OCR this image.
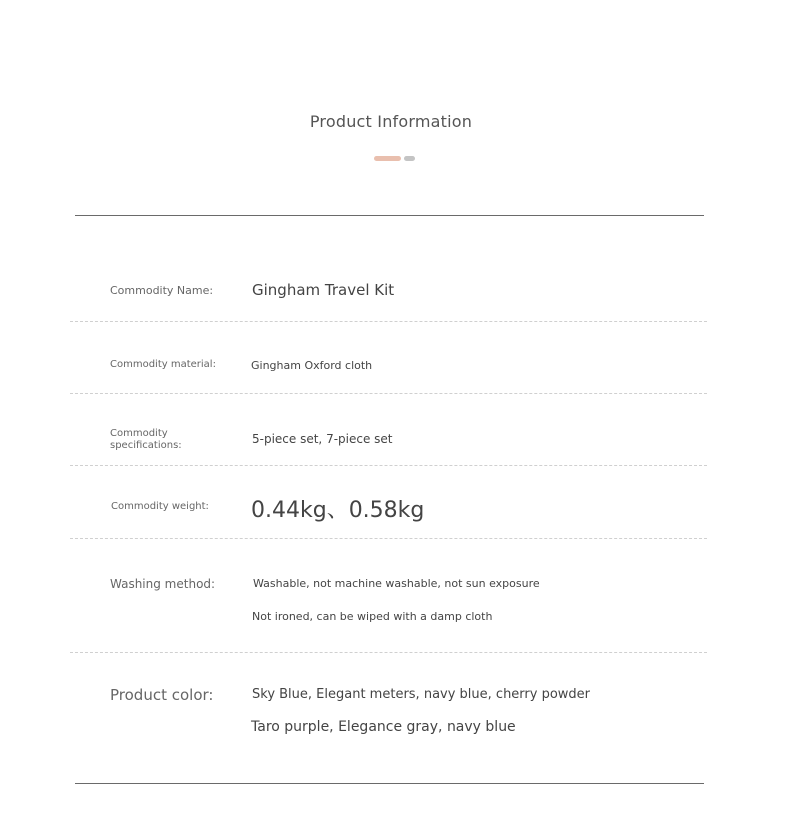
Product Information
Commodity Name:	Gingham Travel Kit
Commodity material:	Gingham Oxford cloth
Commodity
specifications:	5-piece set, 7-piece set
Commodity weight: 0.44kg、0.58kg
Washing method:	Washable, not machine washable, not sun exposure
Not ironed, can be wiped with a damp cloth
Product color:	Sky Blue, Elegant meters, navy blue, cherry powder
Taro purple, Elegance gray, navy blue
